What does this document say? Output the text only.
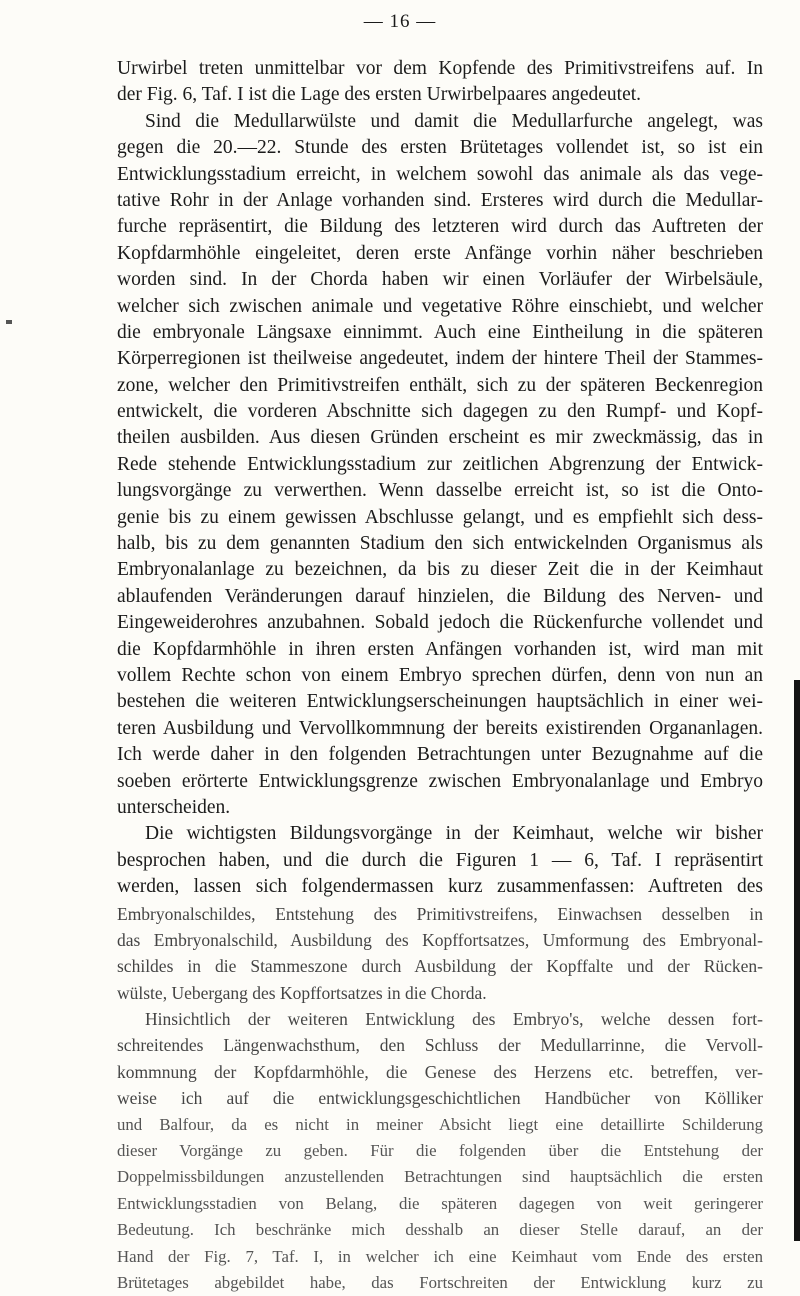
— 16 —
Urwirbel treten unmittelbar vor dem Kopfende des Primitivstreifens auf. In
der Fig. 6, Taf. I ist die Lage des ersten Urwirbelpaares angedeutet.
Sind die Medullarwülste und damit die Medullarfurche angelegt, was
gegen die 20.—22. Stunde des ersten Brütetages vollendet ist, so ist ein
Entwicklungsstadium erreicht, in welchem sowohl das animale als das vege-
tative Rohr in der Anlage vorhanden sind. Ersteres wird durch die Medullar-
furche repräsentirt, die Bildung des letzteren wird durch das Auftreten der
Kopfdarmhöhle eingeleitet, deren erste Anfänge vorhin näher beschrieben
worden sind. In der Chorda haben wir einen Vorläufer der Wirbelsäule,
welcher sich zwischen animale und vegetative Röhre einschiebt, und welcher
die embryonale Längsaxe einnimmt. Auch eine Eintheilung in die späteren
Körperregionen ist theilweise angedeutet, indem der hintere Theil der Stammes-
zone, welcher den Primitivstreifen enthält, sich zu der späteren Beckenregion
entwickelt, die vorderen Abschnitte sich dagegen zu den Rumpf- und Kopf-
theilen ausbilden. Aus diesen Gründen erscheint es mir zweckmässig, das in
Rede stehende Entwicklungsstadium zur zeitlichen Abgrenzung der Entwick-
lungsvorgänge zu verwerthen. Wenn dasselbe erreicht ist, so ist die Onto-
genie bis zu einem gewissen Abschlusse gelangt, und es empfiehlt sich dess-
halb, bis zu dem genannten Stadium den sich entwickelnden Organismus als
Embryonalanlage zu bezeichnen, da bis zu dieser Zeit die in der Keimhaut
ablaufenden Veränderungen darauf hinzielen, die Bildung des Nerven- und
Eingeweiderohres anzubahnen. Sobald jedoch die Rückenfurche vollendet und
die Kopfdarmhöhle in ihren ersten Anfängen vorhanden ist, wird man mit
vollem Rechte schon von einem Embryo sprechen dürfen, denn von nun an
bestehen die weiteren Entwicklungserscheinungen hauptsächlich in einer wei-
teren Ausbildung und Vervollkommnung der bereits existirenden Organanlagen.
Ich werde daher in den folgenden Betrachtungen unter Bezugnahme auf die
soeben erörterte Entwicklungsgrenze zwischen Embryonalanlage und Embryo
unterscheiden.
Die wichtigsten Bildungsvorgänge in der Keimhaut, welche wir bisher
besprochen haben, und die durch die Figuren 1 — 6, Taf. I repräsentirt
werden, lassen sich folgendermassen kurz zusammenfassen: Auftreten des
Embryonalschildes, Entstehung des Primitivstreifens, Einwachsen desselben in
das Embryonalschild, Ausbildung des Kopffortsatzes, Umformung des Embryonal-
schildes in die Stammeszone durch Ausbildung der Kopffalte und der Rücken-
wülste, Uebergang des Kopffortsatzes in die Chorda.
Hinsichtlich der weiteren Entwicklung des Embryo's, welche dessen fort-
schreitendes Längenwachsthum, den Schluss der Medullarrinne, die Vervoll-
kommnung der Kopfdarmhöhle, die Genese des Herzens etc. betreffen, ver-
weise ich auf die entwicklungsgeschichtlichen Handbücher von Kölliker
und Balfour, da es nicht in meiner Absicht liegt eine detaillirte Schilderung
dieser Vorgänge zu geben. Für die folgenden über die Entstehung der
Doppelmissbildungen anzustellenden Betrachtungen sind hauptsächlich die ersten
Entwicklungsstadien von Belang, die späteren dagegen von weit geringerer
Bedeutung. Ich beschränke mich desshalb an dieser Stelle darauf, an der
Hand der Fig. 7, Taf. I, in welcher ich eine Keimhaut vom Ende des ersten
Brütetages abgebildet habe, das Fortschreiten der Entwicklung kurz zu
